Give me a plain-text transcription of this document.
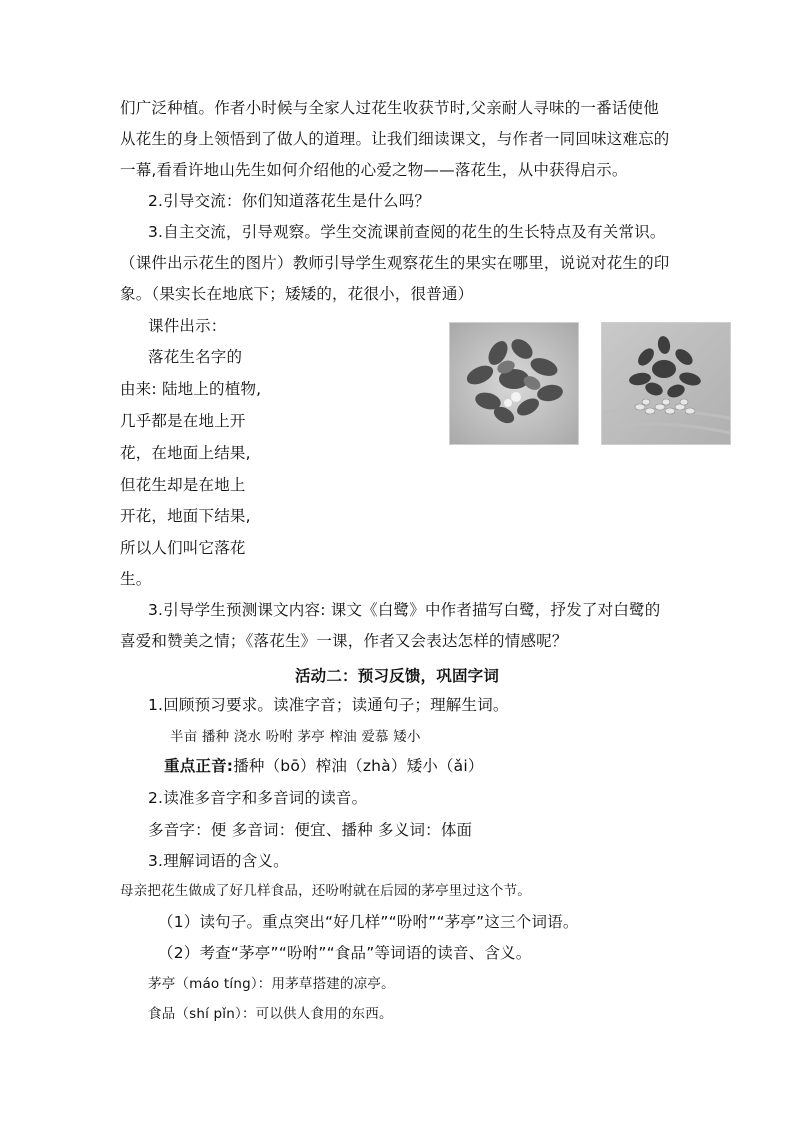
们广泛种植。作者小时候与全家人过花生收获节时,父亲耐人寻味的一番话使他
从花生的身上领悟到了做人的道理。让我们细读课文，与作者一同回味这难忘的
一幕,看看许地山先生如何介绍他的心爱之物——落花生，从中获得启示。
2.引导交流：你们知道落花生是什么吗？
3.自主交流，引导观察。学生交流课前查阅的花生的生长特点及有关常识。
（课件出示花生的图片）教师引导学生观察花生的果实在哪里，说说对花生的印
象。（果实长在地底下；矮矮的，花很小，很普通）
课件出示：
落花生名字的
由来: 陆地上的植物,
几乎都是在地上开
花，在地面上结果,
但花生却是在地上
开花，地面下结果,
所以人们叫它落花
生。
3.引导学生预测课文内容: 课文《白鹭》中作者描写白鹭，抒发了对白鹭的
喜爱和赞美之情；《落花生》一课，作者又会表达怎样的情感呢？
活动二：预习反馈，巩固字词
1.回顾预习要求。读准字音；读通句子；理解生词。
半亩 播种 浇水 吩咐 茅亭 榨油 爱慕 矮小
重点正音:播种（bō）榨油（zhà）矮小（ǎi）
2.读准多音字和多音词的读音。
多音字：便 多音词：便宜、播种 多义词：体面
3.理解词语的含义。
母亲把花生做成了好几样食品，还吩咐就在后园的茅亭里过这个节。
（1）读句子。重点突出“好几样”“吩咐”“茅亭”这三个词语。
（2）考查“茅亭”“吩咐”“食品”等词语的读音、含义。
茅亭（máo tíng）：用茅草搭建的凉亭。
食品（shí pǐn）：可以供人食用的东西。
